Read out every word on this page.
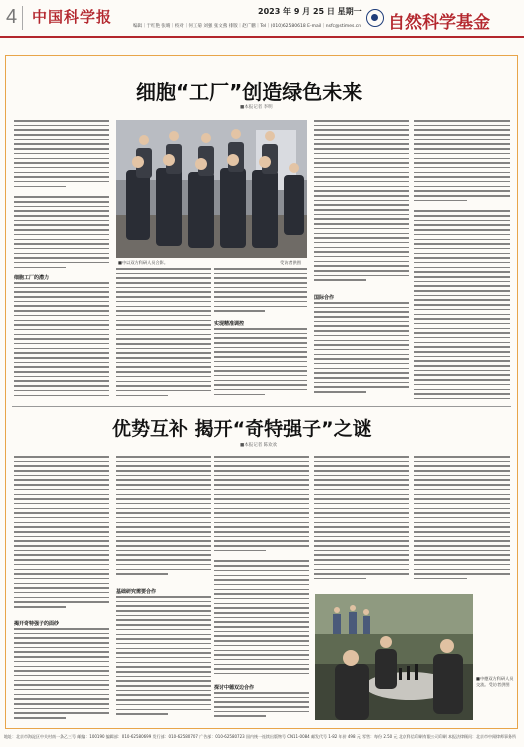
4 中国科学报	2023 年 9 月 25 日 星期一
编辑｜于红艳 张晴｜校对｜何工菊 刘强 张文燕 排版｜赵广鹏｜Tel｜(010)62580618 E-mail｜nsfc@stimes.cn 自然科学基金
细胞“工厂”创造绿色未来
■本报记者 李明
细胞工厂的潜力
■中以双方科研人员合影。	受访者供图
实现精准调控
国际合作
优势互补 揭开“奇特强子”之谜
■本报记者 陈欢欢
揭开奇特强子的面纱
基础研究需要合作
探讨中德双边合作
■中德双方科研人员交流。受访者供图
地址：北京市海淀区中关村南一条乙三号 邮编：100190 编辑部：010-62580699 发行部：010-62580707 广告部：010-62580723 国内统一连续出版物号 CN11-0084 邮发代号 1-82 年价 498 元 零售：每份 2.50 元 北京科信印刷有限公司印刷 本报法律顾问：北京市中闻律师事务所
